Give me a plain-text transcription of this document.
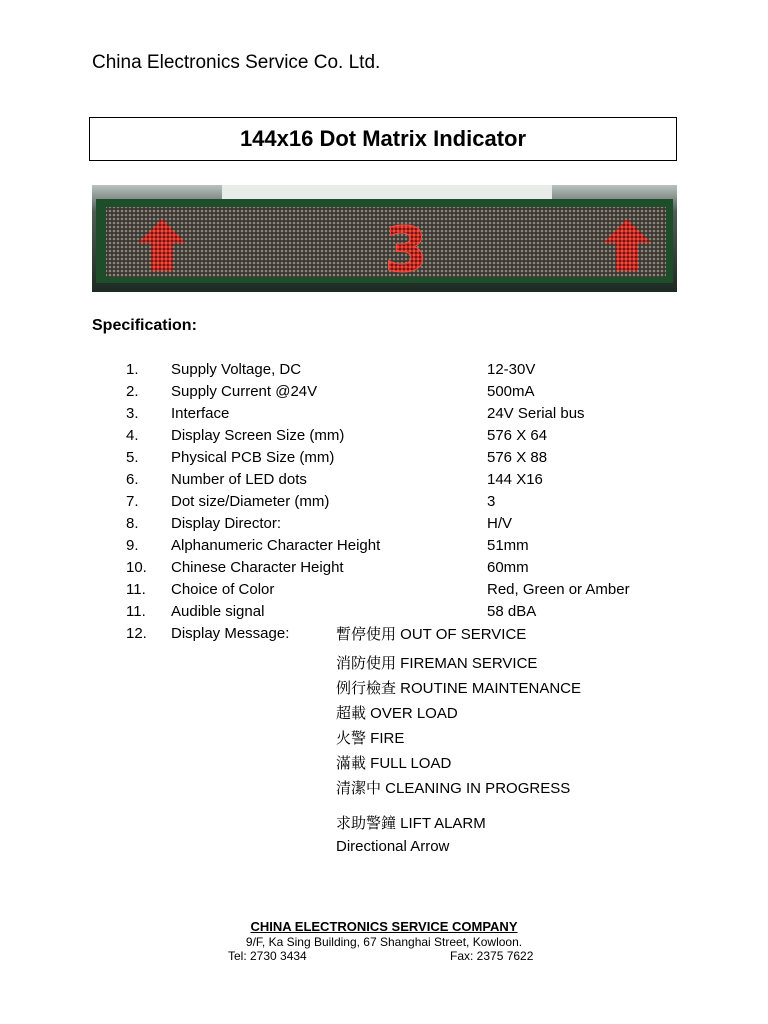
China Electronics Service Co. Ltd.
144x16 Dot Matrix Indicator
3
Specification:
1. Supply Voltage, DC	12-30V
2. Supply Current @24V	500mA
3. Interface	24V Serial bus
4. Display Screen Size (mm)	576 X 64
5. Physical PCB Size (mm)	576 X 88
6. Number of LED dots	144 X16
7. Dot size/Diameter (mm)	3
8. Display Director:	H/V
9. Alphanumeric Character Height	51mm
10. Chinese Character Height	60mm
11. Choice of Color	Red, Green or Amber
11. Audible signal	58 dBA
12. Display Message:	暫停使用 OUT OF SERVICE
消防使用 FIREMAN SERVICE
例行檢查 ROUTINE MAINTENANCE
超載 OVER LOAD
火警 FIRE
滿載 FULL LOAD
清潔中 CLEANING IN PROGRESS
求助警鐘 LIFT ALARM
Directional Arrow
CHINA ELECTRONICS SERVICE COMPANY
9/F, Ka Sing Building, 67 Shanghai Street, Kowloon.
Tel: 2730 3434	Fax: 2375 7622
